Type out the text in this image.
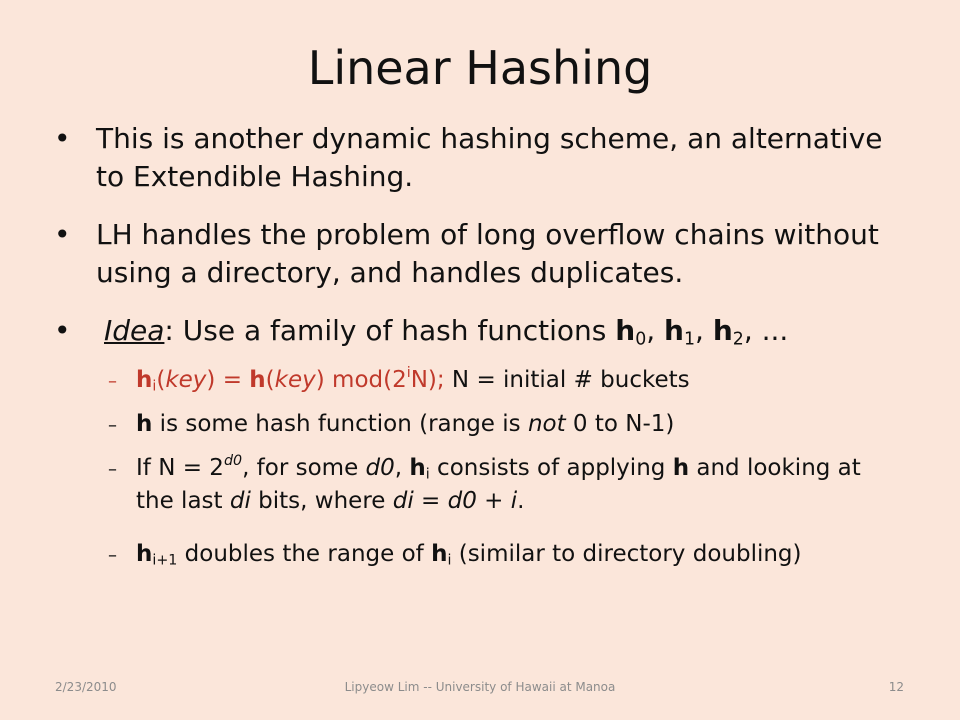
Linear Hashing
• This is another dynamic hashing scheme, an alternative to Extendible Hashing.
• LH handles the problem of long overflow chains without using a directory, and handles duplicates.
• Idea: Use a family of hash functions $h_0$, $h_1$, $h_2$, ...
– $h_i(key) = h(key)$ mod(2$^i$N); N = initial # buckets
– h is some hash function (range is not 0 to N-1)
– If $N = 2^{d0}$, for some d0, $h_i$ consists of applying h and looking at the last di bits, where di = d0 + i.
– $h_{i+1}$ doubles the range of $h_i$ (similar to directory doubling)
2/23/2010	Lipyeow Lim -- University of Hawaii at Manoa	12
